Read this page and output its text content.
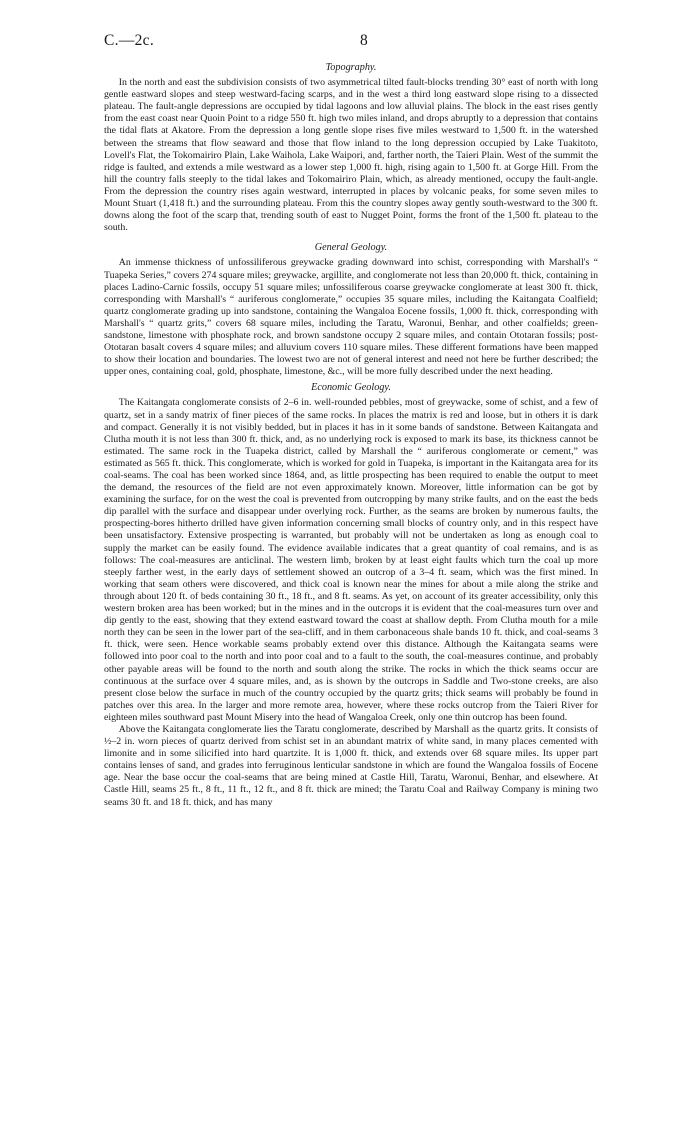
C.—2c.	8

Topography.

In the north and east the subdivision consists of two asymmetrical tilted fault-blocks trending 30° east of north with long gentle eastward slopes and steep westward-facing scarps, and in the west a third long eastward slope rising to a dissected plateau. The fault-angle depressions are occupied by tidal lagoons and low alluvial plains. The block in the east rises gently from the east coast near Quoin Point to a ridge 550 ft. high two miles inland, and drops abruptly to a depression that contains the tidal flats at Akatore. From the depression a long gentle slope rises five miles westward to 1,500 ft. in the watershed between the streams that flow seaward and those that flow inland to the long depression occupied by Lake Tuakitoto, Lovell's Flat, the Tokomairiro Plain, Lake Waihola, Lake Waipori, and, farther north, the Taieri Plain. West of the summit the ridge is faulted, and extends a mile westward as a lower step 1,000 ft. high, rising again to 1,500 ft. at Gorge Hill. From the hill the country falls steeply to the tidal lakes and Tokomairiro Plain, which, as already mentioned, occupy the fault-angle. From the depression the country rises again westward, interrupted in places by volcanic peaks, for some seven miles to Mount Stuart (1,418 ft.) and the surrounding plateau. From this the country slopes away gently south-westward to the 300 ft. downs along the foot of the scarp that, trending south of east to Nugget Point, forms the front of the 1,500 ft. plateau to the south.

General Geology.

An immense thickness of unfossiliferous greywacke grading downward into schist, corresponding with Marshall's “ Tuapeka Series,” covers 274 square miles; greywacke, argillite, and conglomerate not less than 20,000 ft. thick, containing in places Ladino-Carnic fossils, occupy 51 square miles; unfossiliferous coarse greywacke conglomerate at least 300 ft. thick, corresponding with Marshall's “ auriferous conglomerate,” occupies 35 square miles, including the Kaitangata Coalfield; quartz conglomerate grading up into sandstone, containing the Wangaloa Eocene fossils, 1,000 ft. thick, corresponding with Marshall's “ quartz grits,” covers 68 square miles, including the Taratu, Waronui, Benhar, and other coalfields; green-sandstone, limestone with phosphate rock, and brown sandstone occupy 2 square miles, and contain Ototaran fossils; post-Ototaran basalt covers 4 square miles; and alluvium covers 110 square miles. These different formations have been mapped to show their location and boundaries. The lowest two are not of general interest and need not here be further described; the upper ones, containing coal, gold, phosphate, limestone, &c., will be more fully described under the next heading.

Economic Geology.

The Kaitangata conglomerate consists of 2–6 in. well-rounded pebbles, most of greywacke, some of schist, and a few of quartz, set in a sandy matrix of finer pieces of the same rocks. In places the matrix is red and loose, but in others it is dark and compact. Generally it is not visibly bedded, but in places it has in it some bands of sandstone. Between Kaitangata and Clutha mouth it is not less than 300 ft. thick, and, as no underlying rock is exposed to mark its base, its thickness cannot be estimated. The same rock in the Tuapeka district, called by Marshall the “ auriferous conglomerate or cement,” was estimated as 565 ft. thick. This conglomerate, which is worked for gold in Tuapeka, is important in the Kaitangata area for its coal-seams. The coal has been worked since 1864, and, as little prospecting has been required to enable the output to meet the demand, the resources of the field are not even approximately known. Moreover, little information can be got by examining the surface, for on the west the coal is prevented from outcropping by many strike faults, and on the east the beds dip parallel with the surface and disappear under overlying rock. Further, as the seams are broken by numerous faults, the prospecting-bores hitherto drilled have given information concerning small blocks of country only, and in this respect have been unsatisfactory. Extensive prospecting is warranted, but probably will not be undertaken as long as enough coal to supply the market can be easily found. The evidence available indicates that a great quantity of coal remains, and is as follows: The coal-measures are anticlinal. The western limb, broken by at least eight faults which turn the coal up more steeply farther west, in the early days of settlement showed an outcrop of a 3–4 ft. seam, which was the first mined. In working that seam others were discovered, and thick coal is known near the mines for about a mile along the strike and through about 120 ft. of beds containing 30 ft., 18 ft., and 8 ft. seams. As yet, on account of its greater accessibility, only this western broken area has been worked; but in the mines and in the outcrops it is evident that the coal-measures turn over and dip gently to the east, showing that they extend eastward toward the coast at shallow depth. From Clutha mouth for a mile north they can be seen in the lower part of the sea-cliff, and in them carbonaceous shale bands 10 ft. thick, and coal-seams 3 ft. thick, were seen. Hence workable seams probably extend over this distance. Although the Kaitangata seams were followed into poor coal to the north and into poor coal and to a fault to the south, the coal-measures continue, and probably other payable areas will be found to the north and south along the strike. The rocks in which the thick seams occur are continuous at the surface over 4 square miles, and, as is shown by the outcrops in Saddle and Two-stone creeks, are also present close below the surface in much of the country occupied by the quartz grits; thick seams will probably be found in patches over this area. In the larger and more remote area, however, where these rocks outcrop from the Taieri River for eighteen miles southward past Mount Misery into the head of Wangaloa Creek, only one thin outcrop has been found.

Above the Kaitangata conglomerate lies the Taratu conglomerate, described by Marshall as the quartz grits. It consists of ½–2 in. worn pieces of quartz derived from schist set in an abundant matrix of white sand, in many places cemented with limonite and in some silicified into hard quartzite. It is 1,000 ft. thick, and extends over 68 square miles. Its upper part contains lenses of sand, and grades into ferruginous lenticular sandstone in which are found the Wangaloa fossils of Eocene age. Near the base occur the coal-seams that are being mined at Castle Hill, Taratu, Waronui, Benhar, and elsewhere. At Castle Hill, seams 25 ft., 8 ft., 11 ft., 12 ft., and 8 ft. thick are mined; the Taratu Coal and Railway Company is mining two seams 30 ft. and 18 ft. thick, and has many
